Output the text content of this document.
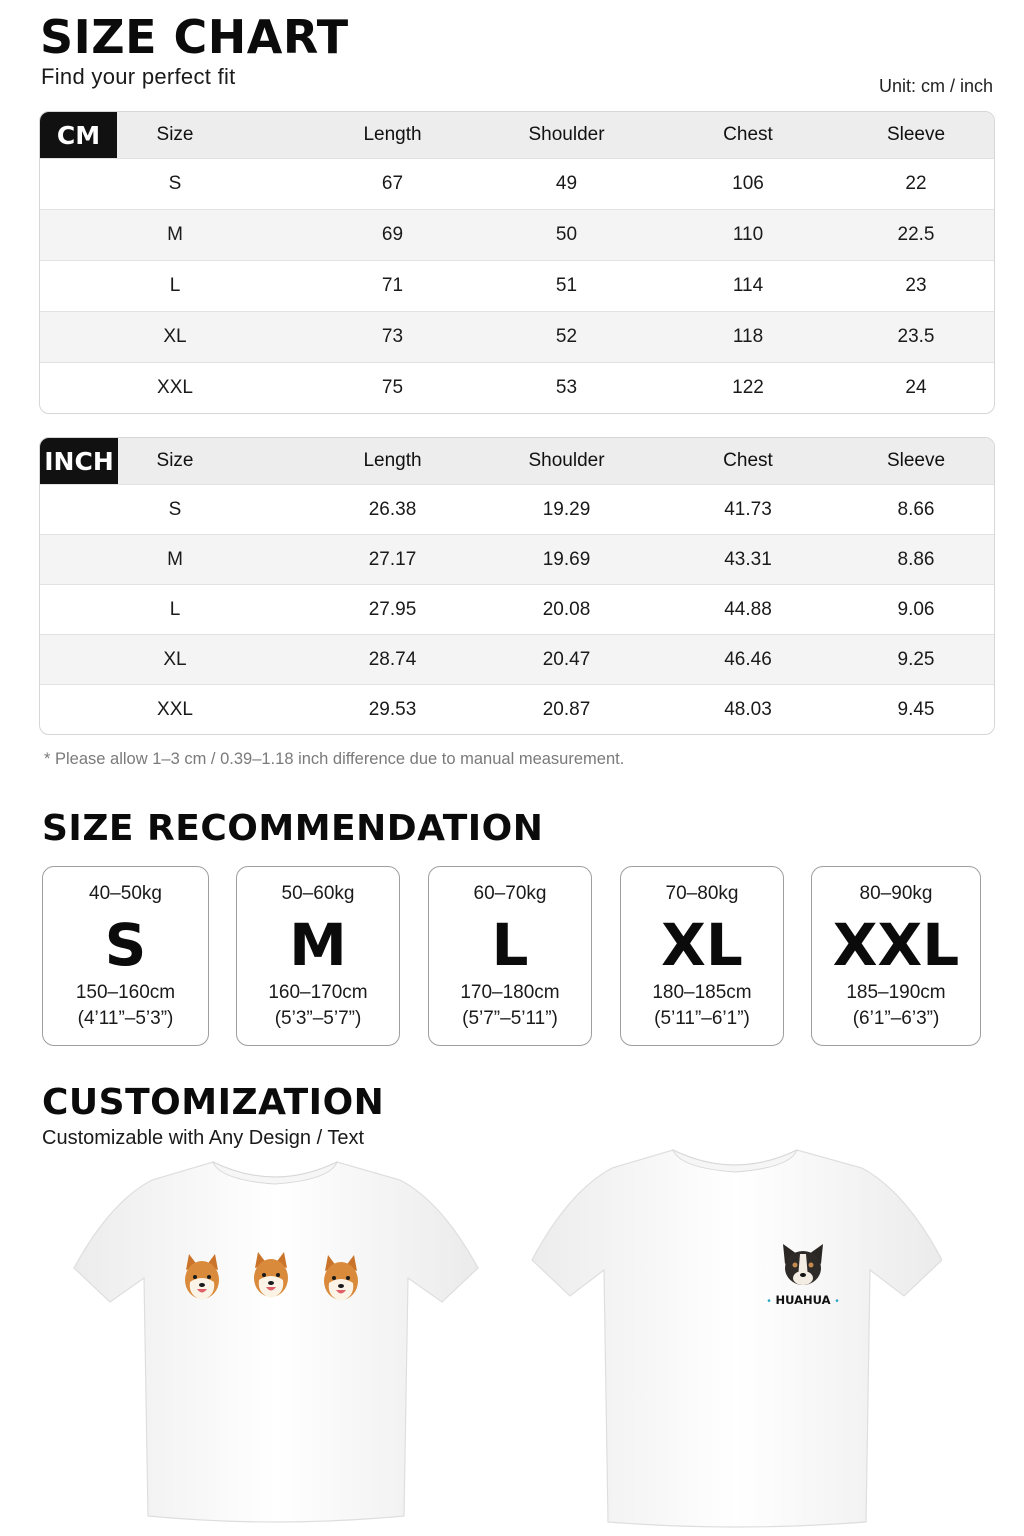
SIZE CHART
Find your perfect fit	Unit: cm / inch
Size	Length	Shoulder	Chest	Sleeve
S	67	49	106	22
M	69	50	110	22.5
L	71	51	114	23
XL	73	52	118	23.5
XXL	75	53	122	24
CM
Size	Length	Shoulder	Chest	Sleeve
S	26.38	19.29	41.73	8.66
M	27.17	19.69	43.31	8.86
L	27.95	20.08	44.88	9.06
XL	28.74	20.47	46.46	9.25
XXL	29.53	20.87	48.03	9.45
INCH
* Please allow 1–3 cm / 0.39–1.18 inch difference due to manual measurement.
SIZE RECOMMENDATION
40–50kg
S
150–160cm
(4’11”–5’3”)
50–60kg
M
160–170cm
(5’3”–5’7”)
60–70kg
L
170–180cm
(5’7”–5’11”)
70–80kg
XL
180–185cm
(5’11”–6’1”)
80–90kg
XXL
185–190cm
(6’1”–6’3”)
CUSTOMIZATION
Customizable with Any Design / Text
• HUAHUA •
